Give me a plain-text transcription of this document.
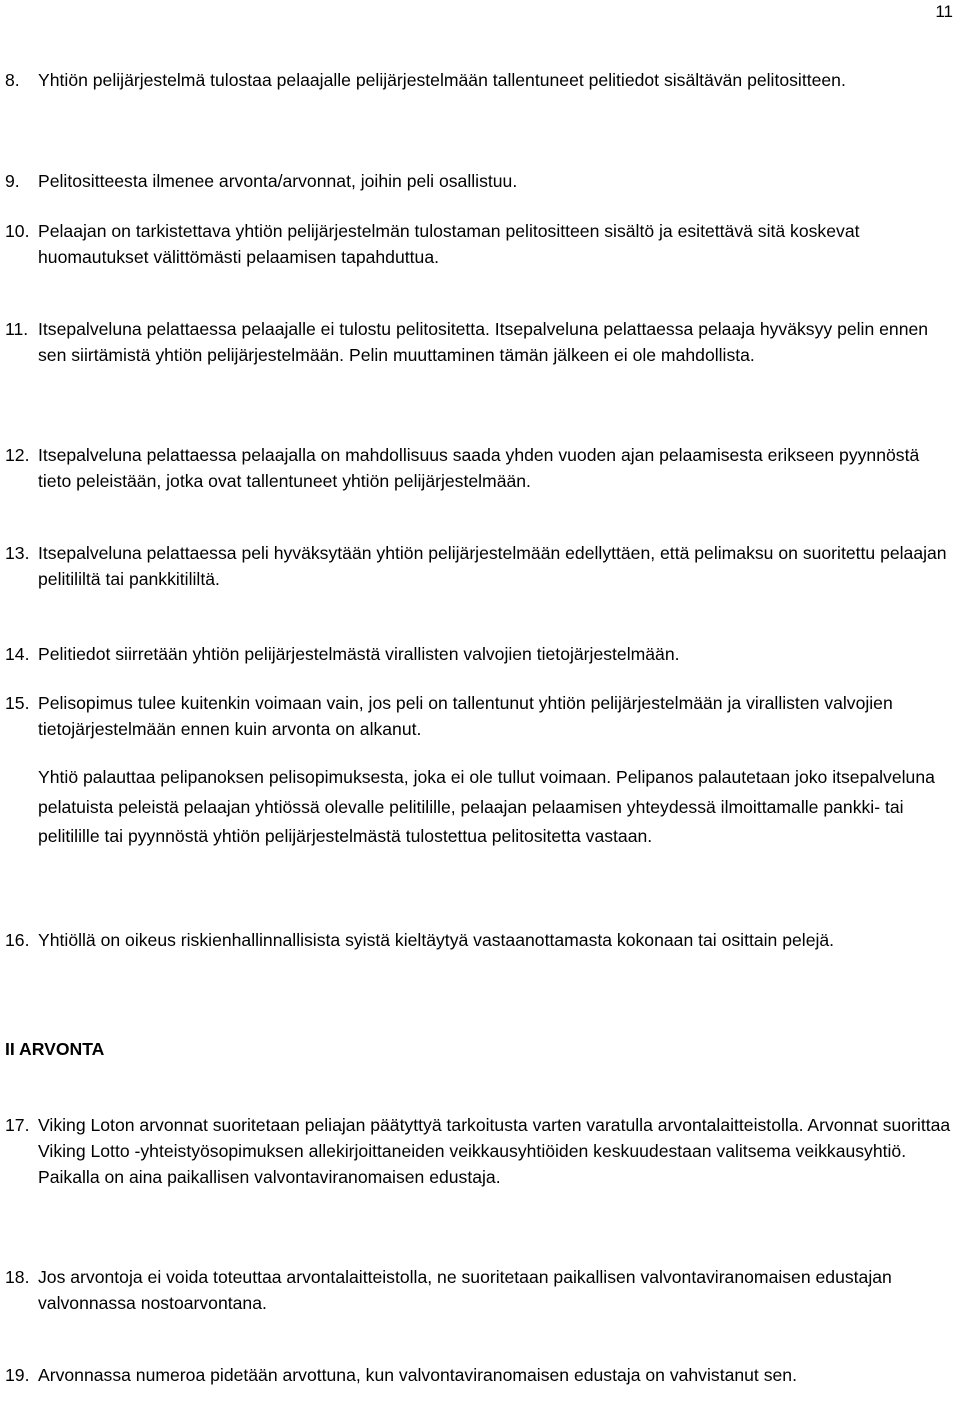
11
8.	Yhtiön pelijärjestelmä tulostaa pelaajalle pelijärjestelmään tallentuneet pelitiedot sisältävän pelitositteen.
9.	Pelitositteesta ilmenee arvonta/arvonnat, joihin peli osallistuu.
10. Pelaajan on tarkistettava yhtiön pelijärjestelmän tulostaman pelitositteen sisältö ja esitettävä sitä koskevat huomautukset välittömästi pelaamisen tapahduttua.
11. Itsepalveluna pelattaessa pelaajalle ei tulostu pelitositetta. Itsepalveluna pelattaessa pelaaja hyväksyy pelin ennen sen siirtämistä yhtiön pelijärjestelmään. Pelin muuttaminen tämän jälkeen ei ole mahdollista.
12. Itsepalveluna pelattaessa pelaajalla on mahdollisuus saada yhden vuoden ajan pelaamisesta erikseen pyynnöstä tieto peleistään, jotka ovat tallentuneet yhtiön pelijärjestelmään.
13. Itsepalveluna pelattaessa peli hyväksytään yhtiön pelijärjestelmään edellyttäen, että pelimaksu on suoritettu pelaajan pelitililtä tai pankkitililtä.
14. Pelitiedot siirretään yhtiön pelijärjestelmästä virallisten valvojien tietojärjestelmään.
15. Pelisopimus tulee kuitenkin voimaan vain, jos peli on tallentunut yhtiön pelijärjestelmään ja virallisten valvojien tietojärjestelmään ennen kuin arvonta on alkanut.
Yhtiö palauttaa pelipanoksen pelisopimuksesta, joka ei ole tullut voimaan. Pelipanos palautetaan joko itsepalveluna pelatuista peleistä pelaajan yhtiössä olevalle pelitilille, pelaajan pelaamisen yhteydessä ilmoittamalle pankki- tai pelitilille tai pyynnöstä yhtiön pelijärjestelmästä tulostettua pelitositetta vastaan.
16. Yhtiöllä on oikeus riskienhallinnallisista syistä kieltäytyä vastaanottamasta kokonaan tai osittain pelejä.
II ARVONTA
17. Viking Loton arvonnat suoritetaan peliajan päätyttyä tarkoitusta varten varatulla arvontalaitteistolla. Arvonnat suorittaa Viking Lotto -yhteistyösopimuksen allekirjoittaneiden veikkausyhtiöiden keskuudestaan valitsema veikkausyhtiö. Paikalla on aina paikallisen valvontaviranomaisen edustaja.
18. Jos arvontoja ei voida toteuttaa arvontalaitteistolla, ne suoritetaan paikallisen valvontaviranomaisen edustajan valvonnassa nostoarvontana.
19. Arvonnassa numeroa pidetään arvottuna, kun valvontaviranomaisen edustaja on vahvistanut sen.
